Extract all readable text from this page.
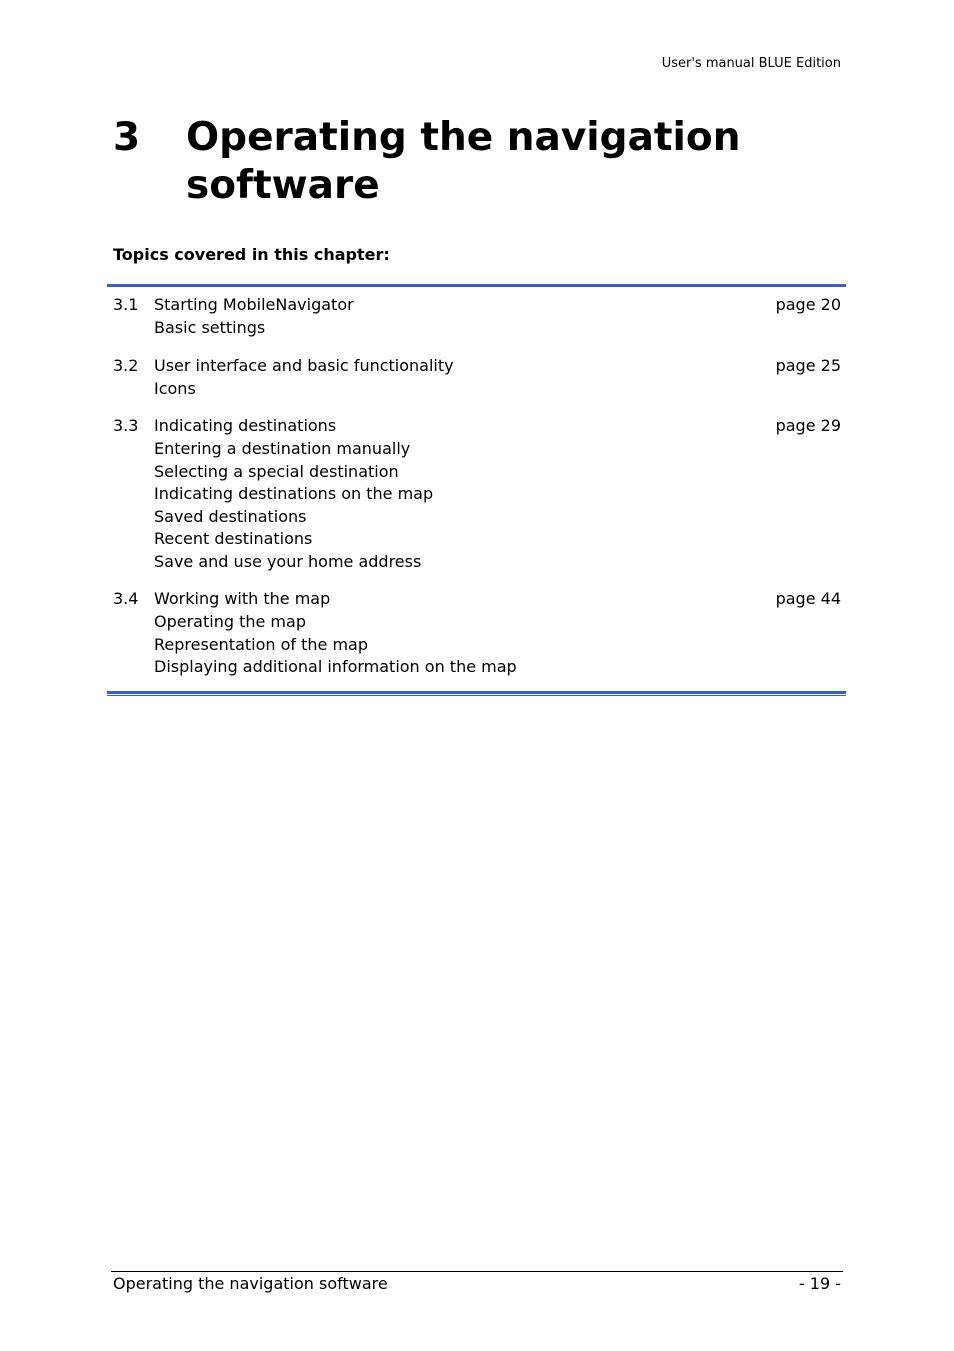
User's manual BLUE Edition
3	Operating the navigation software
Topics covered in this chapter:
3.1 Starting MobileNavigator	page 20
Basic settings
3.2 User interface and basic functionality	page 25
Icons
3.3 Indicating destinations	page 29
Entering a destination manually
Selecting a special destination
Indicating destinations on the map
Saved destinations
Recent destinations
Save and use your home address
3.4 Working with the map	page 44
Operating the map
Representation of the map
Displaying additional information on the map
Operating the navigation software	- 19 -
